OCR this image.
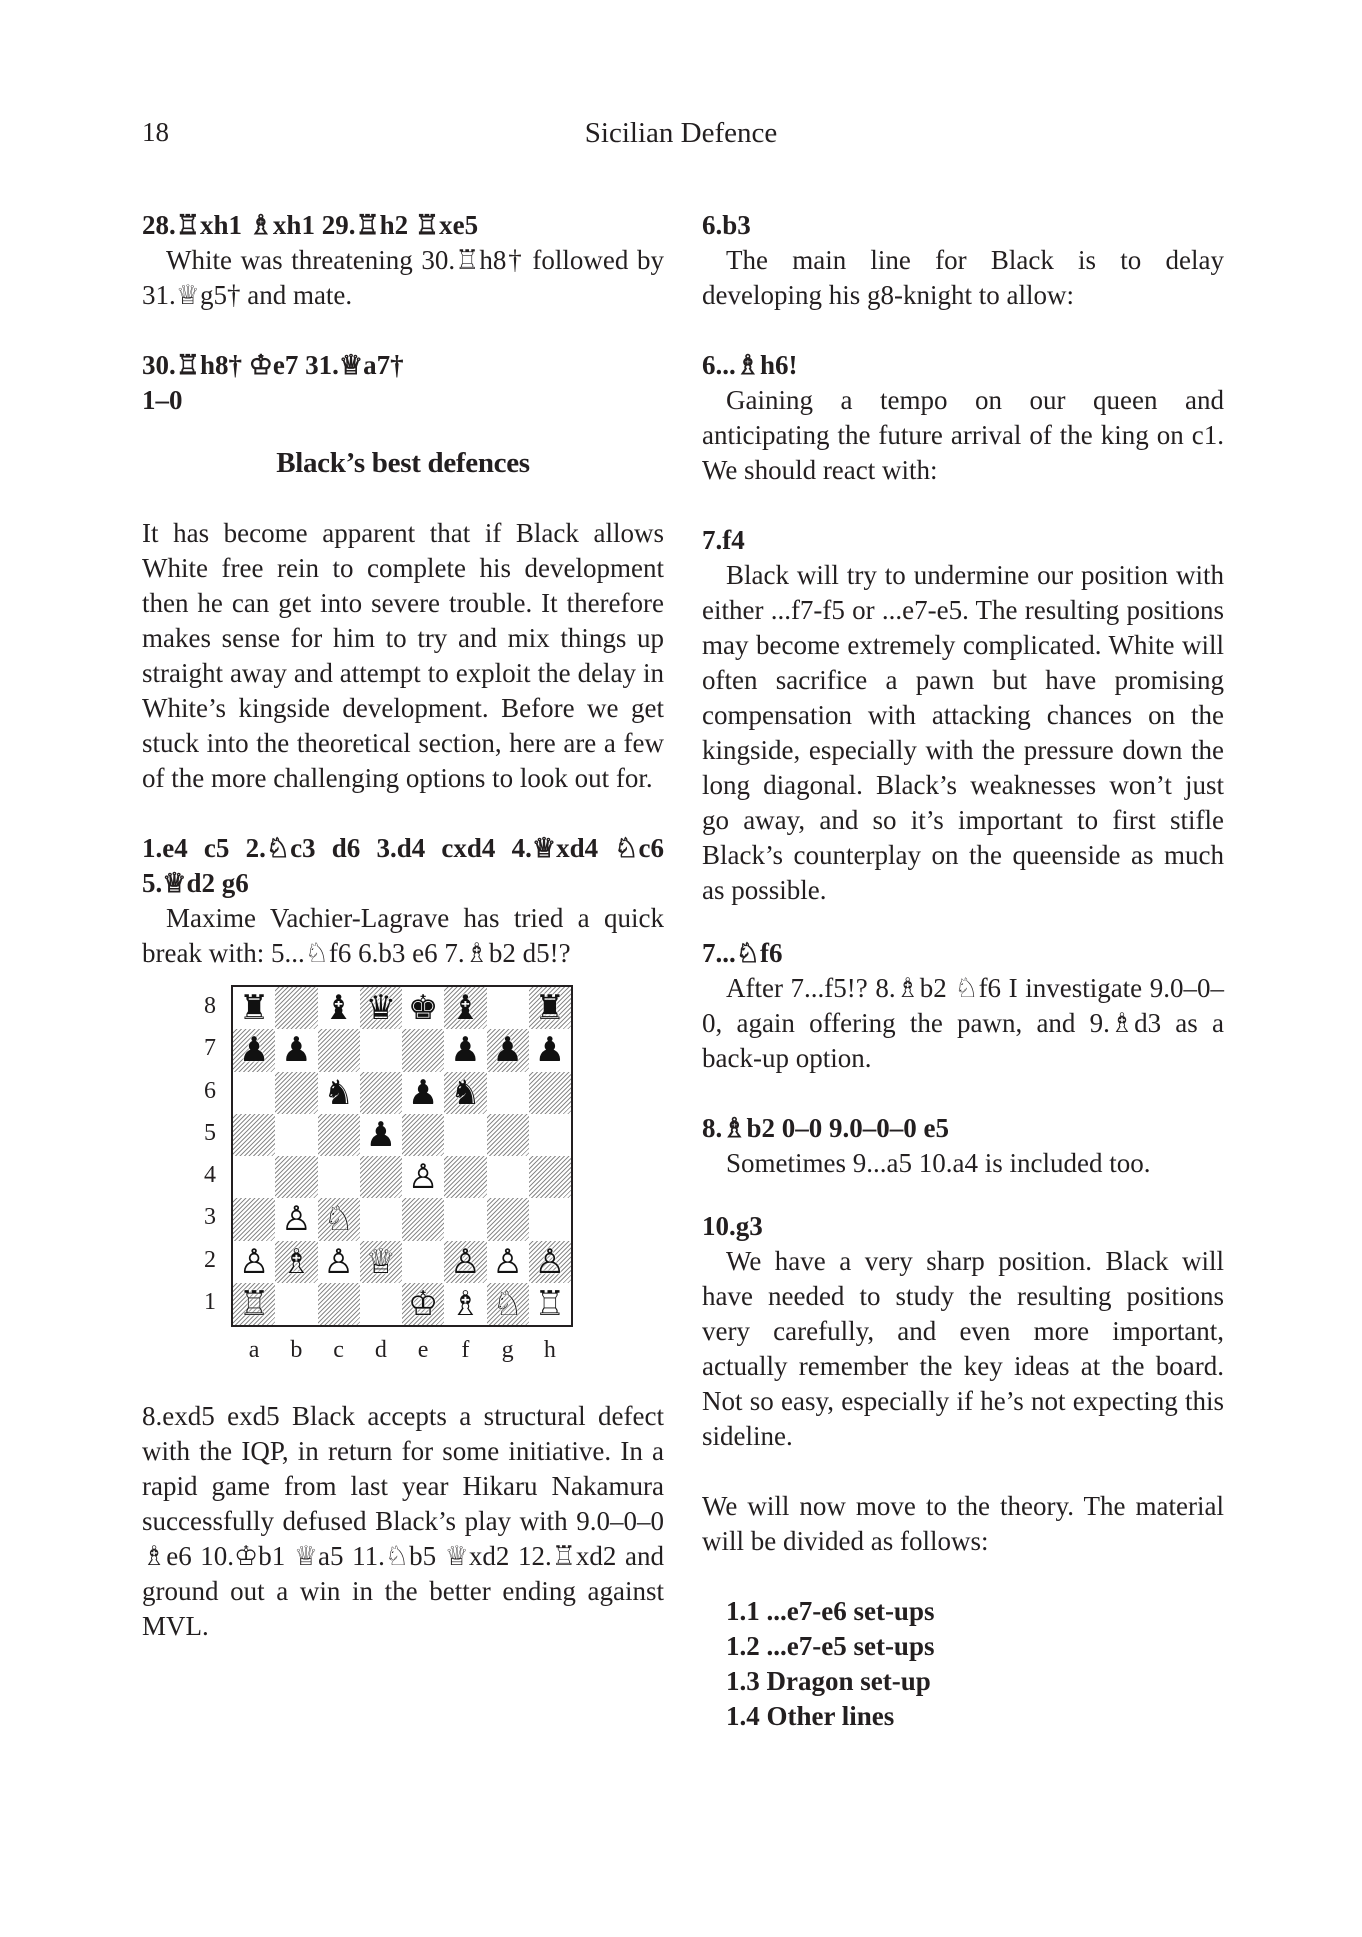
18	Sicilian Defence

28.♖xh1 ♗xh1 29.♖h2 ♖xe5

White was threatening 30.♖h8† followed by 31.♕g5† and mate.

30.♖h8† ♔e7 31.♕a7†

1–0

Black’s best defences

It has become apparent that if Black allows White free rein to complete his development then he can get into severe trouble. It therefore makes sense for him to try and mix things up straight away and attempt to exploit the delay in White’s kingside development. Before we get stuck into the theoretical section, here are a few of the more challenging options to look out for.

1.e4 c5 2.♘c3 d6 3.d4 cxd4 4.♕xd4 ♘c6 5.♕d2 g6

Maxime Vachier-Lagrave has tried a quick break with: 5...♘f6 6.b3 e6 7.♗b2 d5!?

8
7
6
5
4
3
2
1
♜ ♝ ♛ ♚ ♝ ♜
♟ ♟	♟ ♟ ♟
♞ ♟ ♞
♟
♙
♙ ♘
♙ ♗ ♙ ♕ ♙ ♙ ♙
♖	♔ ♗ ♘ ♖
a	b	c	d	e	f	g	h

8.exd5 exd5 Black accepts a structural defect with the IQP, in return for some initiative. In a rapid game from last year Hikaru Nakamura successfully defused Black’s play with 9.0–0–0 ♗e6 10.♔b1 ♕a5 11.♘b5 ♕xd2 12.♖xd2 and ground out a win in the better ending against MVL.

6.b3

The main line for Black is to delay developing his g8-knight to allow:

6...♗h6!

Gaining a tempo on our queen and anticipating the future arrival of the king on c1. We should react with:

7.f4

Black will try to undermine our position with either ...f7-f5 or ...e7-e5. The resulting positions may become extremely complicated. White will often sacrifice a pawn but have promising compensation with attacking chances on the kingside, especially with the pressure down the long diagonal. Black’s weaknesses won’t just go away, and so it’s important to first stifle Black’s counterplay on the queenside as much as possible.

7...♘f6

After 7...f5!? 8.♗b2 ♘f6 I investigate 9.0–0–0, again offering the pawn, and 9.♗d3 as a back-up option.

8.♗b2 0–0 9.0–0–0 e5

Sometimes 9...a5 10.a4 is included too.

10.g3

We have a very sharp position. Black will have needed to study the resulting positions very carefully, and even more important, actually remember the key ideas at the board. Not so easy, especially if he’s not expecting this sideline.

We will now move to the theory. The material will be divided as follows:

1.1 ...e7-e6 set-ups
1.2 ...e7-e5 set-ups
1.3 Dragon set-up
1.4 Other lines
